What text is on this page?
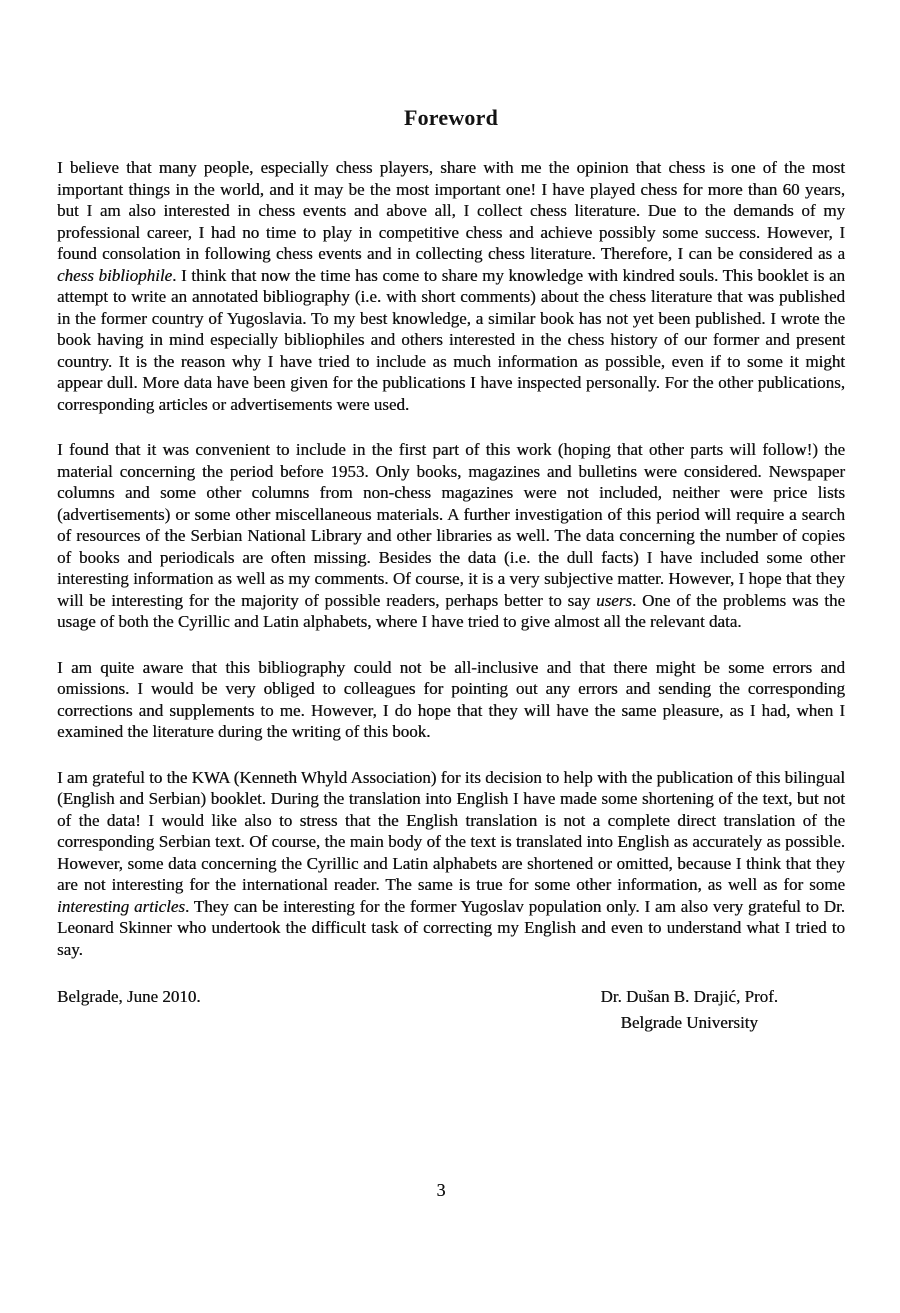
Foreword

I believe that many people, especially chess players, share with me the opinion that chess is one of the most important things in the world, and it may be the most important one! I have played chess for more than 60 years, but I am also interested in chess events and above all, I collect chess literature. Due to the demands of my professional career, I had no time to play in competitive chess and achieve possibly some success. However, I found consolation in following chess events and in collecting chess literature. Therefore, I can be considered as a chess bibliophile. I think that now the time has come to share my knowledge with kindred souls. This booklet is an attempt to write an annotated bibliography (i.e. with short comments) about the chess literature that was published in the former country of Yugoslavia. To my best knowledge, a similar book has not yet been published. I wrote the book having in mind especially bibliophiles and others interested in the chess history of our former and present country. It is the reason why I have tried to include as much information as possible, even if to some it might appear dull. More data have been given for the publications I have inspected personally. For the other publications, corresponding articles or advertisements were used.

I found that it was convenient to include in the first part of this work (hoping that other parts will follow!) the material concerning the period before 1953. Only books, magazines and bulletins were considered. Newspaper columns and some other columns from non-chess magazines were not included, neither were price lists (advertisements) or some other miscellaneous materials. A further investigation of this period will require a search of resources of the Serbian National Library and other libraries as well. The data concerning the number of copies of books and periodicals are often missing. Besides the data (i.e. the dull facts) I have included some other interesting information as well as my comments. Of course, it is a very subjective matter. However, I hope that they will be interesting for the majority of possible readers, perhaps better to say users. One of the problems was the usage of both the Cyrillic and Latin alphabets, where I have tried to give almost all the relevant data.

I am quite aware that this bibliography could not be all-inclusive and that there might be some errors and omissions. I would be very obliged to colleagues for pointing out any errors and sending the corresponding corrections and supplements to me. However, I do hope that they will have the same pleasure, as I had, when I examined the literature during the writing of this book.

I am grateful to the KWA (Kenneth Whyld Association) for its decision to help with the publication of this bilingual (English and Serbian) booklet. During the translation into English I have made some shortening of the text, but not of the data! I would like also to stress that the English translation is not a complete direct translation of the corresponding Serbian text. Of course, the main body of the text is translated into English as accurately as possible. However, some data concerning the Cyrillic and Latin alphabets are shortened or omitted, because I think that they are not interesting for the international reader. The same is true for some other information, as well as for some interesting articles. They can be interesting for the former Yugoslav population only. I am also very grateful to Dr. Leonard Skinner who undertook the difficult task of correcting my English and even to understand what I tried to say.

Belgrade, June 2010.	Dr. Dušan B. Drajić, Prof.
Belgrade University
3
